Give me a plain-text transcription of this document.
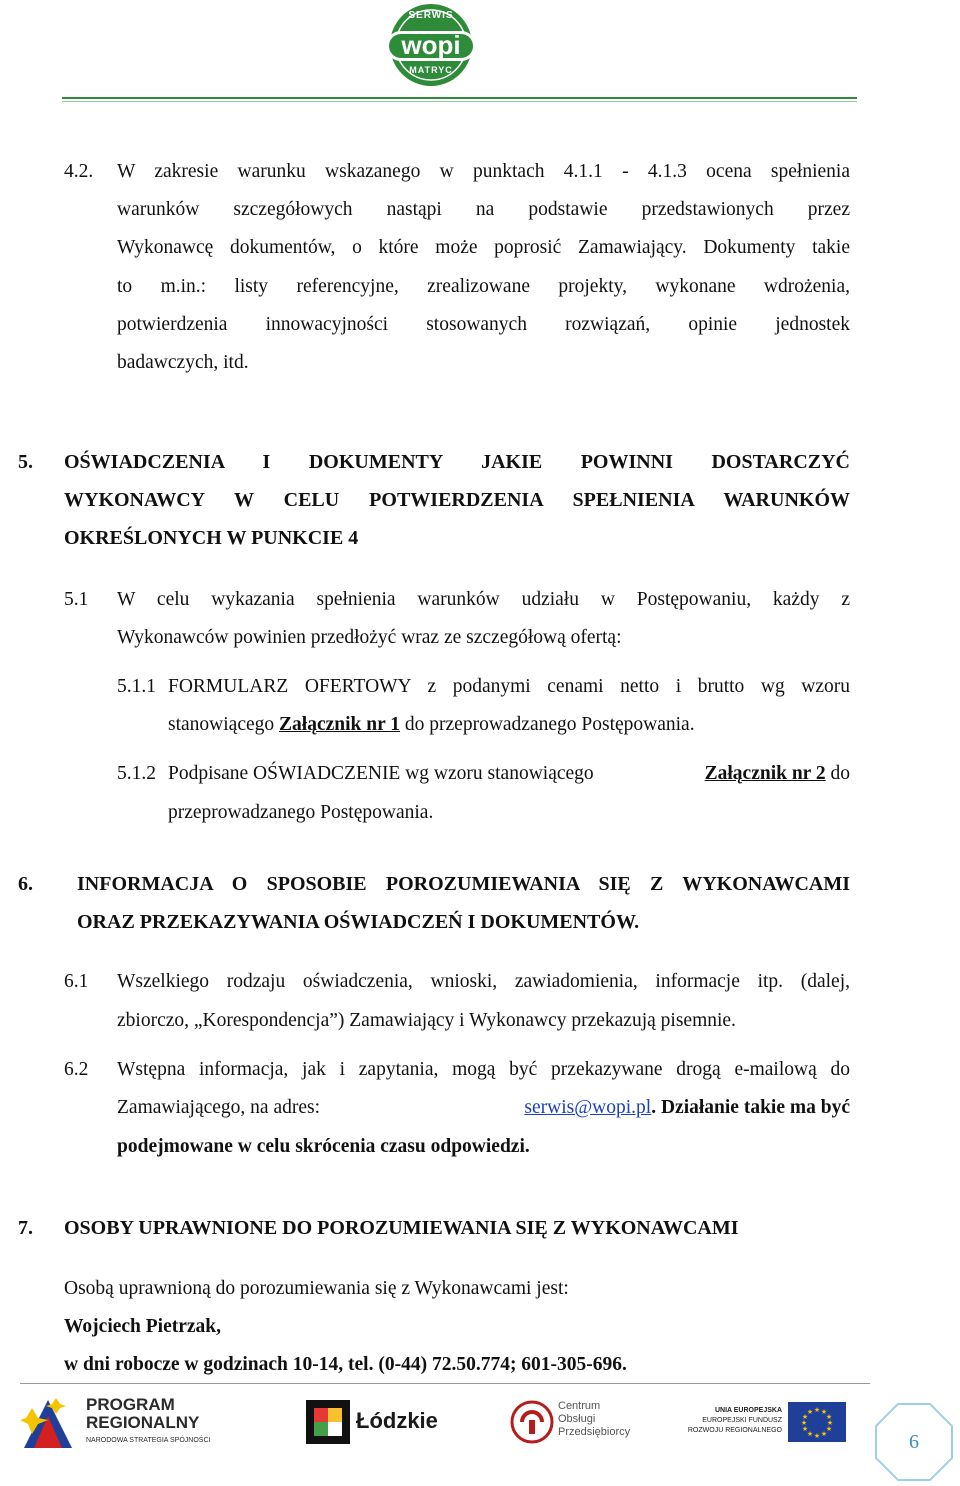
SERWIS
wopi
MATRYC
4.2. W zakresie warunku wskazanego w punktach 4.1.1 - 4.1.3 ocena spełnienia
warunków szczegółowych nastąpi na podstawie przedstawionych przez
Wykonawcę dokumentów, o które może poprosić Zamawiający. Dokumenty takie
to m.in.: listy referencyjne, zrealizowane projekty, wykonane wdrożenia,
potwierdzenia innowacyjności stosowanych rozwiązań, opinie jednostek
badawczych, itd.
5. OŚWIADCZENIA I DOKUMENTY JAKIE POWINNI DOSTARCZYĆ
WYKONAWCY W CELU POTWIERDZENIA SPEŁNIENIA WARUNKÓW
OKREŚLONYCH W PUNKCIE 4
5.1 W celu wykazania spełnienia warunków udziału w Postępowaniu, każdy z
Wykonawców powinien przedłożyć wraz ze szczegółową ofertą:
5.1.1 FORMULARZ OFERTOWY z podanymi cenami netto i brutto wg wzoru
stanowiącego Załącznik nr 1 do przeprowadzanego Postępowania.
5.1.2 Podpisane OŚWIADCZENIE wg wzoru stanowiącego	Załącznik nr 2 do
przeprowadzanego Postępowania.
6. INFORMACJA O SPOSOBIE POROZUMIEWANIA SIĘ Z WYKONAWCAMI
ORAZ PRZEKAZYWANIA OŚWIADCZEŃ I DOKUMENTÓW.
6.1 Wszelkiego rodzaju oświadczenia, wnioski, zawiadomienia, informacje itp. (dalej,
zbiorczo, „Korespondencja”) Zamawiający i Wykonawcy przekazują pisemnie.
6.2 Wstępna informacja, jak i zapytania, mogą być przekazywane drogą e-mailową do
Zamawiającego, na adres:	serwis@wopi.pl. Działanie takie ma być
podejmowane w celu skrócenia czasu odpowiedzi.
7. OSOBY UPRAWNIONE DO POROZUMIEWANIA SIĘ Z WYKONAWCAMI
Osobą uprawnioną do porozumiewania się z Wykonawcami jest:
Wojciech Pietrzak,
w dni robocze w godzinach 10-14, tel. (0-44) 72.50.774; 601-305-696.
PROGRAM
REGIONALNY
NARODOWA STRATEGIA SPÓJNOŚCI
Łódzkie
Centrum
Obsługi
Przedsiębiorcy
UNIA EUROPEJSKA
EUROPEJSKI FUNDUSZ
ROZWOJU REGIONALNEGO
★ ★
★
★
★
★
★
★
★
★
★
★
6
